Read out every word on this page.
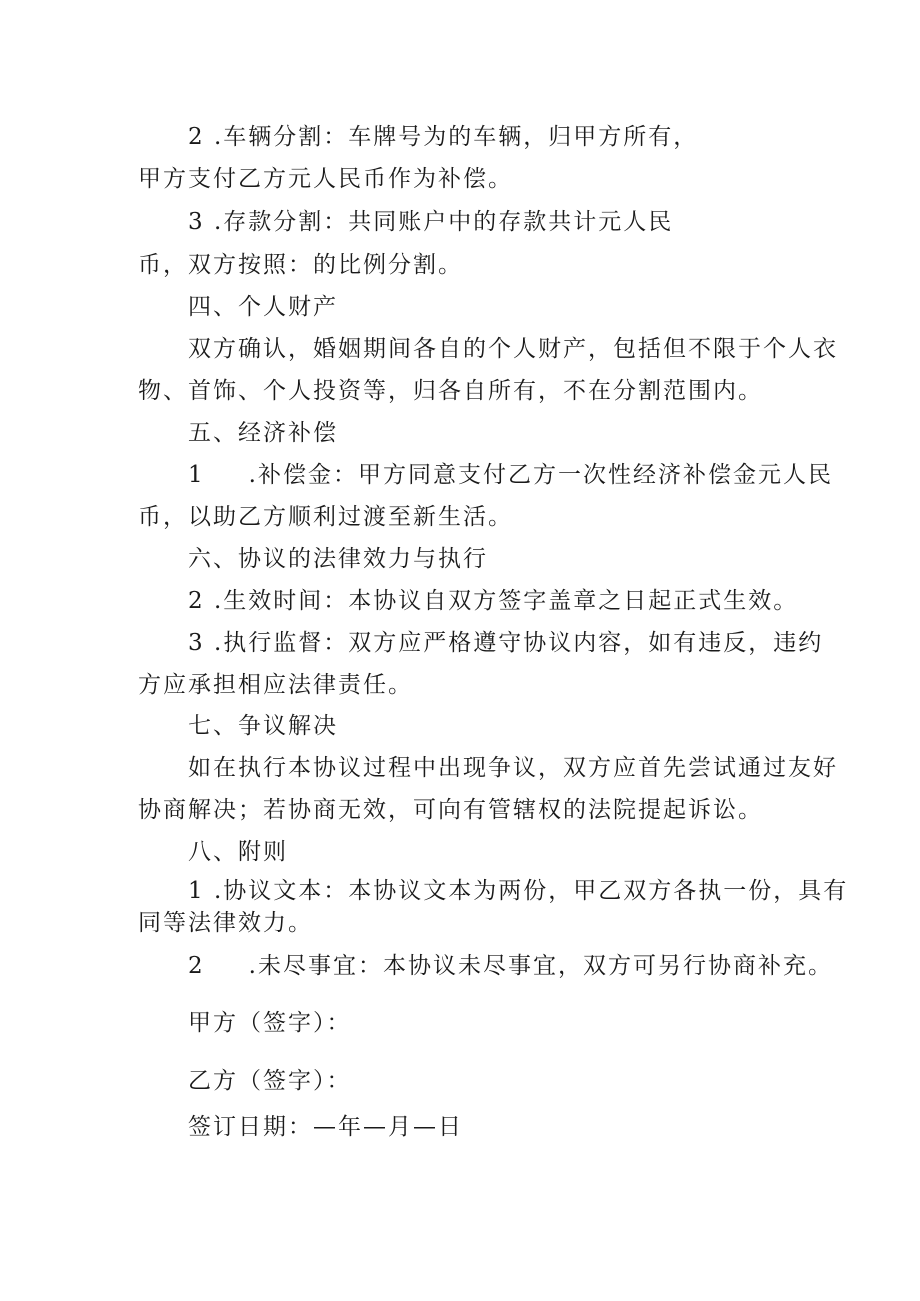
2 .车辆分割：车牌号为的车辆，归甲方所有，
甲方支付乙方元人民币作为补偿。
3 .存款分割：共同账户中的存款共计元人民
币，双方按照：的比例分割。
四、个人财产
双方确认，婚姻期间各自的个人财产，包括但不限于个人衣
物、首饰、个人投资等，归各自所有，不在分割范围内。
五、经济补偿
1 .补偿金：甲方同意支付乙方一次性经济补偿金元人民
币，以助乙方顺利过渡至新生活。
六、协议的法律效力与执行
2 .生效时间：本协议自双方签字盖章之日起正式生效。
3 .执行监督：双方应严格遵守协议内容，如有违反，违约
方应承担相应法律责任。
七、争议解决
如在执行本协议过程中出现争议，双方应首先尝试通过友好
协商解决；若协商无效，可向有管辖权的法院提起诉讼。
八、附则
1 .协议文本：本协议文本为两份，甲乙双方各执一份，具有
同等法律效力。
2 .未尽事宜：本协议未尽事宜，双方可另行协商补充。
甲方（签字）：
乙方（签字）：
签订日期：—年—月—日
